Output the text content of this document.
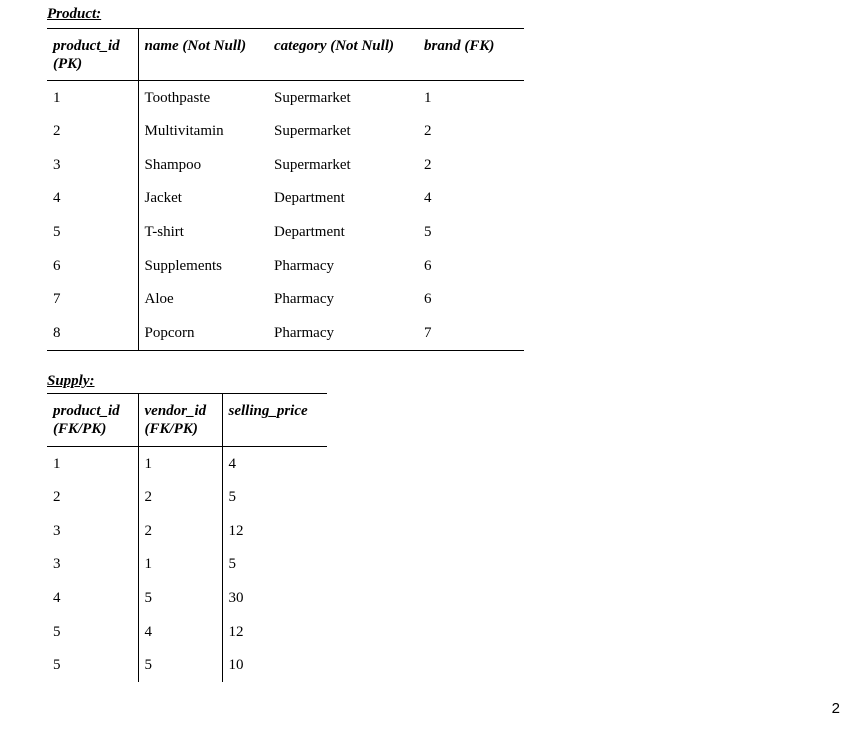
Product:
product_id (PK)	name (Not Null)	category (Not Null)	brand (FK)
1	Toothpaste	Supermarket	1
2	Multivitamin	Supermarket	2
3	Shampoo	Supermarket	2
4	Jacket	Department	4
5	T-shirt	Department	5
6	Supplements	Pharmacy	6
7	Aloe	Pharmacy	6
8	Popcorn	Pharmacy	7
Supply:
product_id (FK/PK)	vendor_id (FK/PK)	selling_price
1	1	4
2	2	5
3	2	12
3	1	5
4	5	30
5	4	12
5	5	10
2
